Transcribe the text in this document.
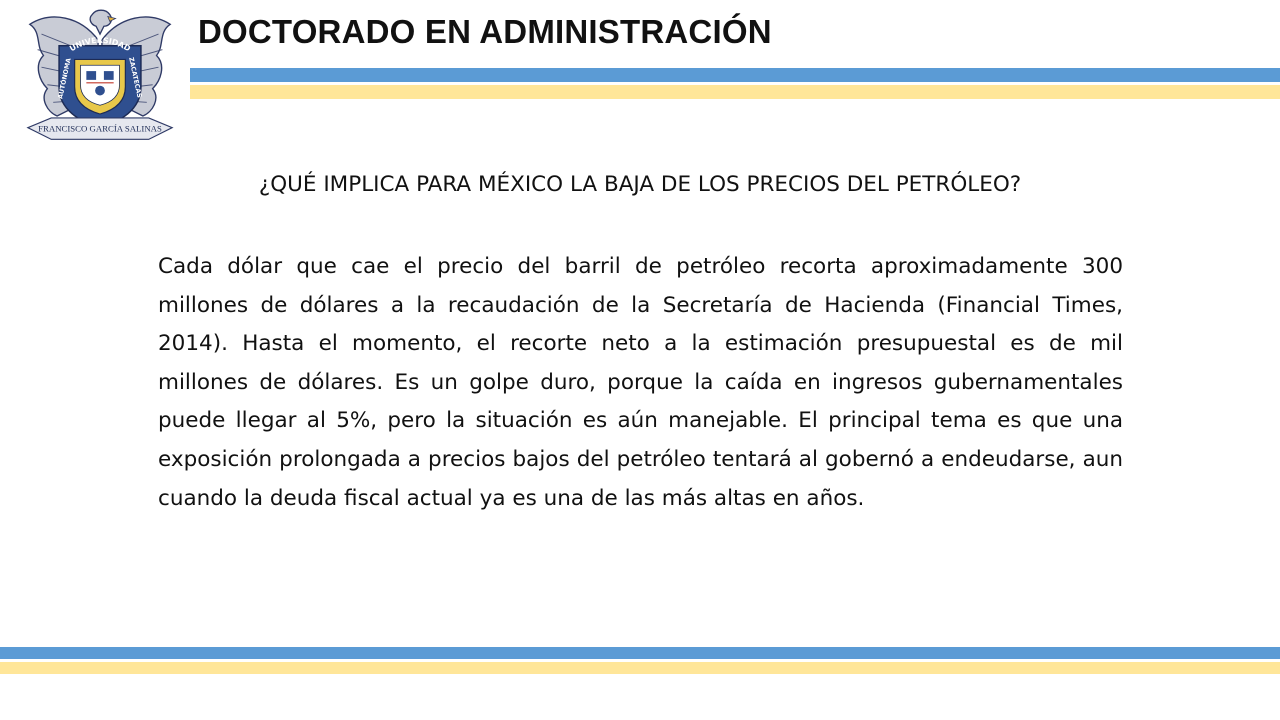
UNIVERSIDAD
AUTÓNOMA	ZACATECAS
FRANCISCO GARCÍA SALINAS
DOCTORADO EN ADMINISTRACIÓN
¿QUÉ IMPLICA PARA MÉXICO LA BAJA DE LOS PRECIOS DEL PETRÓLEO?

Cada dólar que cae el precio del barril de petróleo recorta aproximadamente 300 millones de dólares a la recaudación de la Secretaría de Hacienda (Financial Times, 2014). Hasta el momento, el recorte neto a la estimación presupuestal es de mil millones de dólares. Es un golpe duro, porque la caída en ingresos gubernamentales puede llegar al 5%, pero la situación es aún manejable. El principal tema es que una exposición prolongada a precios bajos del petróleo tentará al gobernó a endeudarse, aun cuando la deuda fiscal actual ya es una de las más altas en años.
